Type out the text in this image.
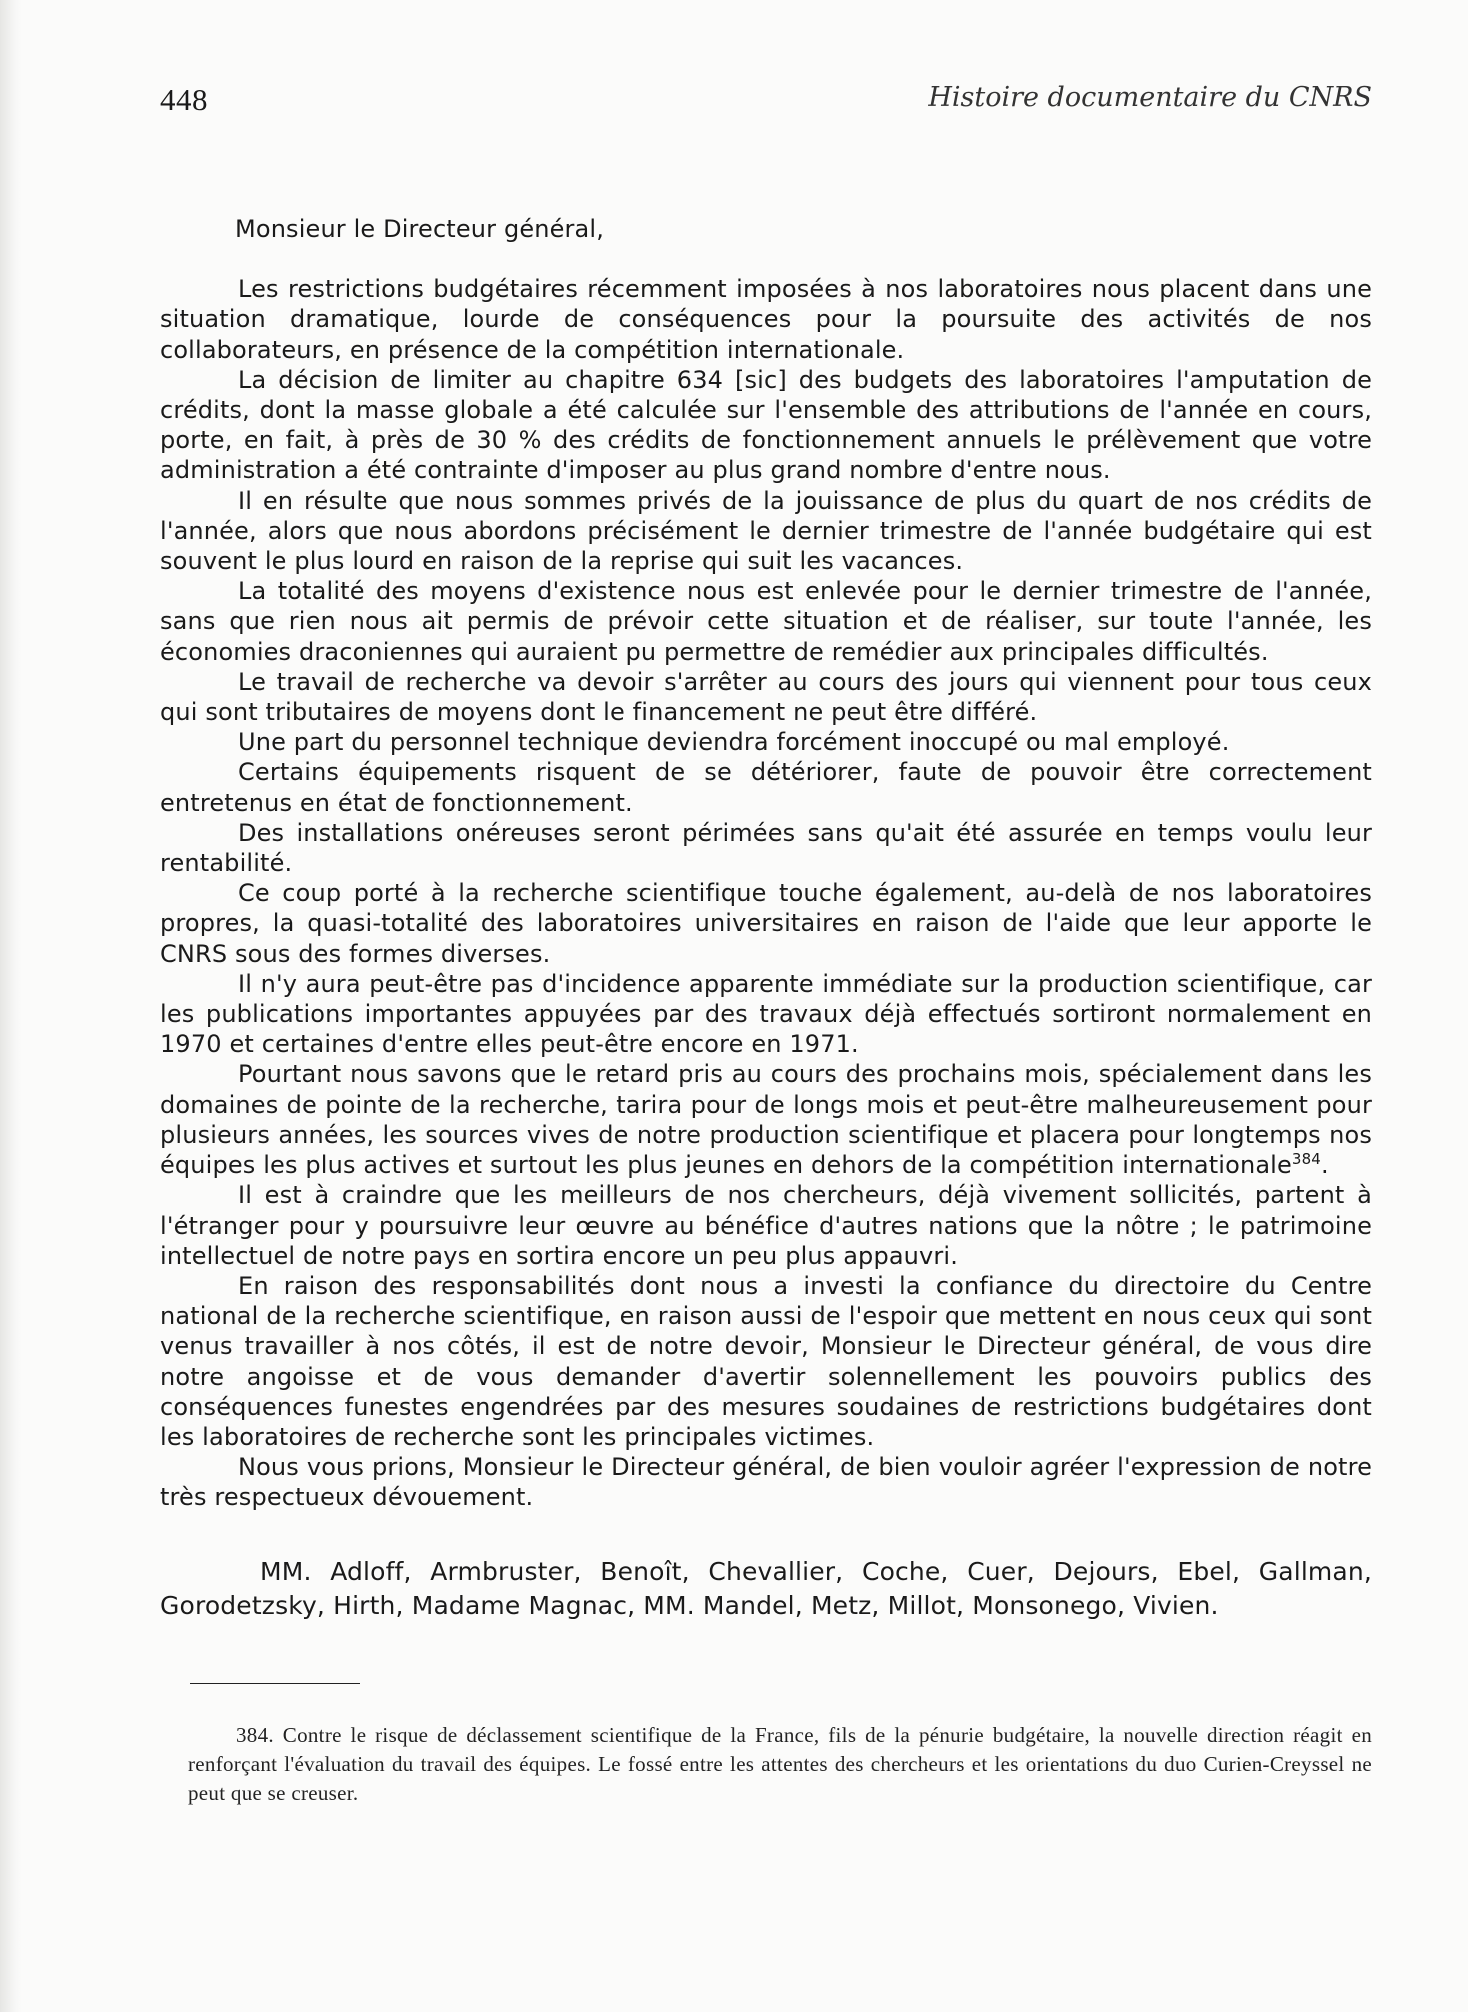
448	Histoire documentaire du CNRS

Monsieur le Directeur général,

Les restrictions budgétaires récemment imposées à nos laboratoires nous placent dans une situation dramatique, lourde de conséquences pour la poursuite des activités de nos collaborateurs, en présence de la compétition internationale.

La décision de limiter au chapitre 634 [sic] des budgets des laboratoires l'amputation de crédits, dont la masse globale a été calculée sur l'ensemble des attributions de l'année en cours, porte, en fait, à près de 30 % des crédits de fonctionnement annuels le prélèvement que votre administration a été contrainte d'imposer au plus grand nombre d'entre nous.

Il en résulte que nous sommes privés de la jouissance de plus du quart de nos crédits de l'année, alors que nous abordons précisément le dernier trimestre de l'année budgétaire qui est souvent le plus lourd en raison de la reprise qui suit les vacances.

La totalité des moyens d'existence nous est enlevée pour le dernier trimestre de l'année, sans que rien nous ait permis de prévoir cette situation et de réaliser, sur toute l'année, les économies draconiennes qui auraient pu permettre de remédier aux principales difficultés.

Le travail de recherche va devoir s'arrêter au cours des jours qui viennent pour tous ceux qui sont tributaires de moyens dont le financement ne peut être différé.

Une part du personnel technique deviendra forcément inoccupé ou mal employé.

Certains équipements risquent de se détériorer, faute de pouvoir être correctement entretenus en état de fonctionnement.

Des installations onéreuses seront périmées sans qu'ait été assurée en temps voulu leur rentabilité.

Ce coup porté à la recherche scientifique touche également, au-delà de nos laboratoires propres, la quasi-totalité des laboratoires universitaires en raison de l'aide que leur apporte le CNRS sous des formes diverses.

Il n'y aura peut-être pas d'incidence apparente immédiate sur la production scientifique, car les publications importantes appuyées par des travaux déjà effectués sortiront normalement en 1970 et certaines d'entre elles peut-être encore en 1971.

Pourtant nous savons que le retard pris au cours des prochains mois, spécialement dans les domaines de pointe de la recherche, tarira pour de longs mois et peut-être malheureusement pour plusieurs années, les sources vives de notre production scientifique et placera pour longtemps nos équipes les plus actives et surtout les plus jeunes en dehors de la compétition internationale$^{384}$.

Il est à craindre que les meilleurs de nos chercheurs, déjà vivement sollicités, partent à l'étranger pour y poursuivre leur œuvre au bénéfice d'autres nations que la nôtre ; le patrimoine intellectuel de notre pays en sortira encore un peu plus appauvri.

En raison des responsabilités dont nous a investi la confiance du directoire du Centre national de la recherche scientifique, en raison aussi de l'espoir que mettent en nous ceux qui sont venus travailler à nos côtés, il est de notre devoir, Monsieur le Directeur général, de vous dire notre angoisse et de vous demander d'avertir solennellement les pouvoirs publics des conséquences funestes engendrées par des mesures soudaines de restrictions budgétaires dont les laboratoires de recherche sont les principales victimes.

Nous vous prions, Monsieur le Directeur général, de bien vouloir agréer l'expression de notre très respectueux dévouement.

MM. Adloff, Armbruster, Benoît, Chevallier, Coche, Cuer, Dejours, Ebel, Gallman, Gorodetzsky, Hirth, Madame Magnac, MM. Mandel, Metz, Millot, Monsonego, Vivien.

384. Contre le risque de déclassement scientifique de la France, fils de la pénurie budgétaire, la nouvelle direction réagit en renforçant l'évaluation du travail des équipes. Le fossé entre les attentes des chercheurs et les orientations du duo Curien-Creyssel ne peut que se creuser.
